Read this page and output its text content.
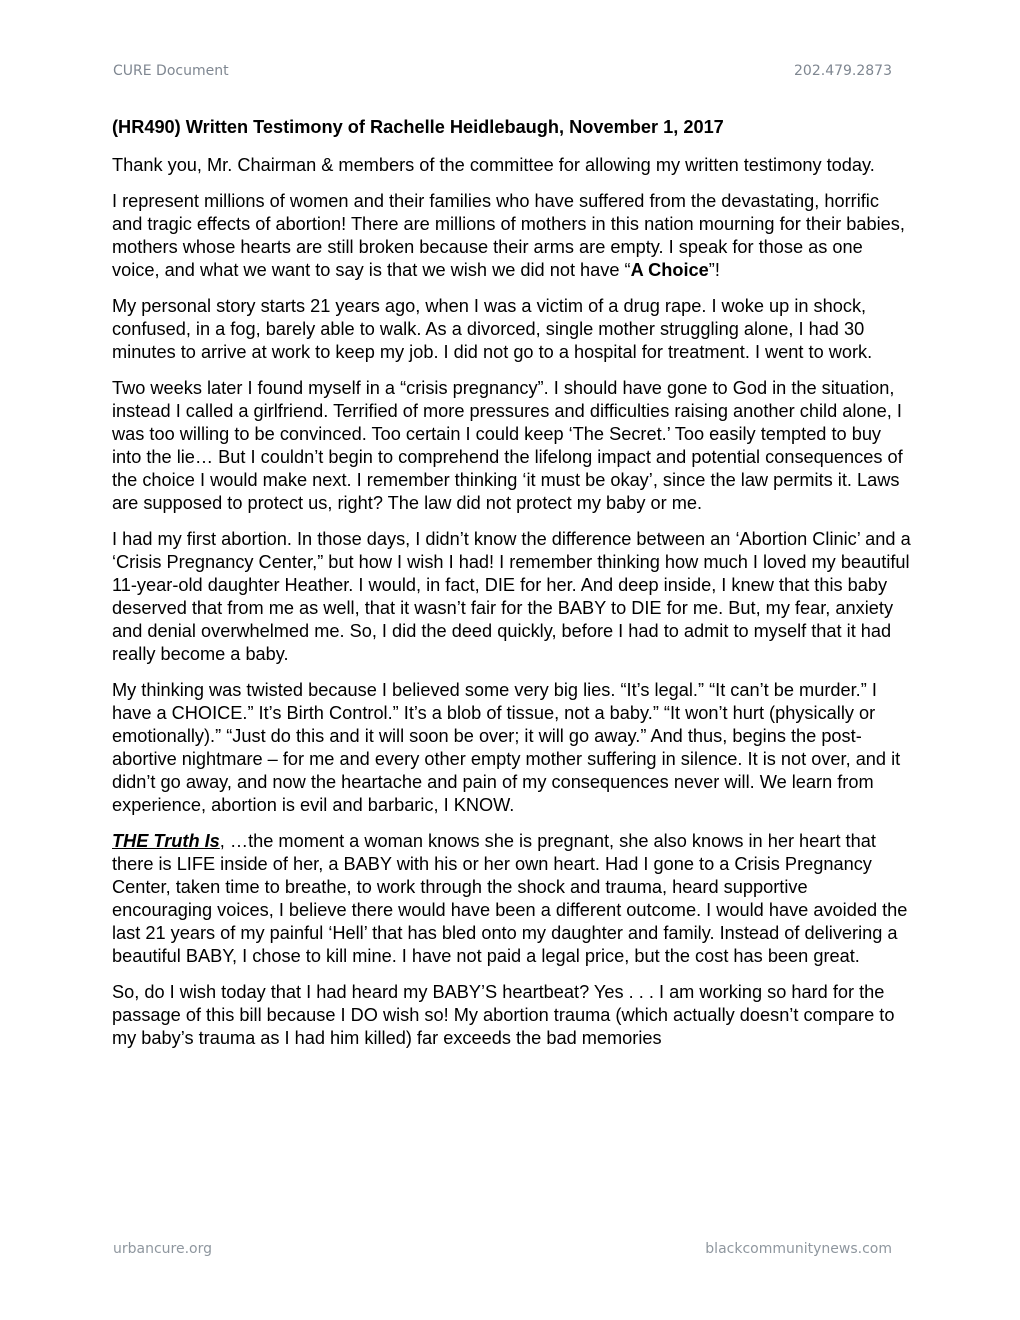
CURE Document	202.479.2873
(HR490) Written Testimony of Rachelle Heidlebaugh, November 1, 2017

Thank you, Mr. Chairman & members of the committee for allowing my written testimony today.

I represent millions of women and their families who have suffered from the devastating, horrific and tragic effects of abortion! There are millions of mothers in this nation mourning for their babies, mothers whose hearts are still broken because their arms are empty. I speak for those as one voice, and what we want to say is that we wish we did not have “A Choice”!

My personal story starts 21 years ago, when I was a victim of a drug rape. I woke up in shock, confused, in a fog, barely able to walk. As a divorced, single mother struggling alone, I had 30 minutes to arrive at work to keep my job. I did not go to a hospital for treatment. I went to work.

Two weeks later I found myself in a “crisis pregnancy”. I should have gone to God in the situation, instead I called a girlfriend. Terrified of more pressures and difficulties raising another child alone, I was too willing to be convinced. Too certain I could keep ‘The Secret.’ Too easily tempted to buy into the lie… But I couldn’t begin to comprehend the lifelong impact and potential consequences of the choice I would make next. I remember thinking ‘it must be okay’, since the law permits it. Laws are supposed to protect us, right? The law did not protect my baby or me.

I had my first abortion. In those days, I didn’t know the difference between an ‘Abortion Clinic’ and a ‘Crisis Pregnancy Center,” but how I wish I had! I remember thinking how much I loved my beautiful 11-year-old daughter Heather. I would, in fact, DIE for her. And deep inside, I knew that this baby deserved that from me as well, that it wasn’t fair for the BABY to DIE for me. But, my fear, anxiety and denial overwhelmed me. So, I did the deed quickly, before I had to admit to myself that it had really become a baby.

My thinking was twisted because I believed some very big lies. “It’s legal.” “It can’t be murder.” I have a CHOICE.” It’s Birth Control.” It’s a blob of tissue, not a baby.” “It won’t hurt (physically or emotionally).” “Just do this and it will soon be over; it will go away.” And thus, begins the post-abortive nightmare – for me and every other empty mother suffering in silence. It is not over, and it didn’t go away, and now the heartache and pain of my consequences never will. We learn from experience, abortion is evil and barbaric, I KNOW.

THE Truth Is, …the moment a woman knows she is pregnant, she also knows in her heart that there is LIFE inside of her, a BABY with his or her own heart. Had I gone to a Crisis Pregnancy Center, taken time to breathe, to work through the shock and trauma, heard supportive encouraging voices, I believe there would have been a different outcome. I would have avoided the last 21 years of my painful ‘Hell’ that has bled onto my daughter and family. Instead of delivering a beautiful BABY, I chose to kill mine. I have not paid a legal price, but the cost has been great.

So, do I wish today that I had heard my BABY’S heartbeat? Yes . . . I am working so hard for the passage of this bill because I DO wish so! My abortion trauma (which actually doesn’t compare to my baby’s trauma as I had him killed) far exceeds the bad memories

urbancure.org	blackcommunitynews.com
